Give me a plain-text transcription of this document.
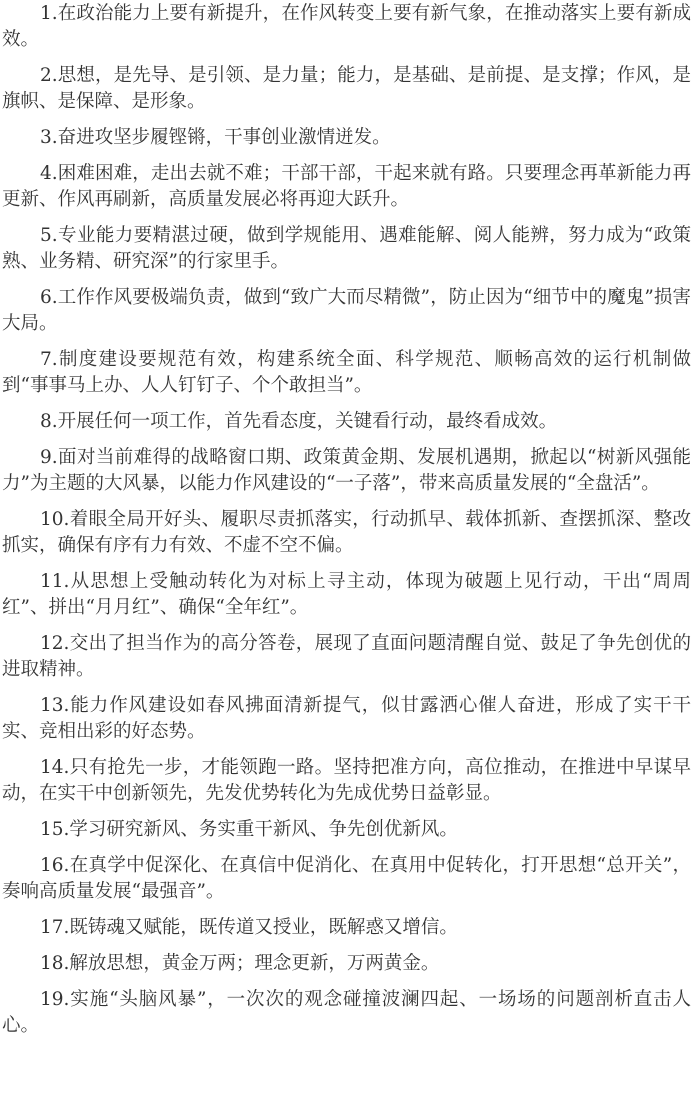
1.在政治能力上要有新提升，在作风转变上要有新气象，在推动落实上要有新成效。

2.思想，是先导、是引领、是力量；能力，是基础、是前提、是支撑；作风，是旗帜、是保障、是形象。

3.奋进攻坚步履铿锵，干事创业激情迸发。

4.困难困难，走出去就不难；干部干部，干起来就有路。只要理念再革新能力再更新、作风再刷新，高质量发展必将再迎大跃升。

5.专业能力要精湛过硬，做到学规能用、遇难能解、阅人能辨，努力成为“政策熟、业务精、研究深”的行家里手。

6.工作作风要极端负责，做到“致广大而尽精微”，防止因为“细节中的魔鬼”损害大局。

7.制度建设要规范有效，构建系统全面、科学规范、顺畅高效的运行机制做到“事事马上办、人人钉钉子、个个敢担当”。

8.开展任何一项工作，首先看态度，关键看行动，最终看成效。

9.面对当前难得的战略窗口期、政策黄金期、发展机遇期，掀起以“树新风强能力”为主题的大风暴，以能力作风建设的“一子落”，带来高质量发展的“全盘活”。

10.着眼全局开好头、履职尽责抓落实，行动抓早、载体抓新、查摆抓深、整改抓实，确保有序有力有效、不虚不空不偏。

11.从思想上受触动转化为对标上寻主动，体现为破题上见行动，干出“周周红”、拼出“月月红”、确保“全年红”。

12.交出了担当作为的高分答卷，展现了直面问题清醒自觉、鼓足了争先创优的进取精神。

13.能力作风建设如春风拂面清新提气，似甘露洒心催人奋进，形成了实干干实、竞相出彩的好态势。

14.只有抢先一步，才能领跑一路。坚持把准方向，高位推动，在推进中早谋早动，在实干中创新领先，先发优势转化为先成优势日益彰显。

15.学习研究新风、务实重干新风、争先创优新风。

16.在真学中促深化、在真信中促消化、在真用中促转化，打开思想“总开关”，奏响高质量发展“最强音”。

17.既铸魂又赋能，既传道又授业，既解惑又增信。

18.解放思想，黄金万两；理念更新，万两黄金。

19.实施“头脑风暴”，一次次的观念碰撞波澜四起、一场场的问题剖析直击人心。
